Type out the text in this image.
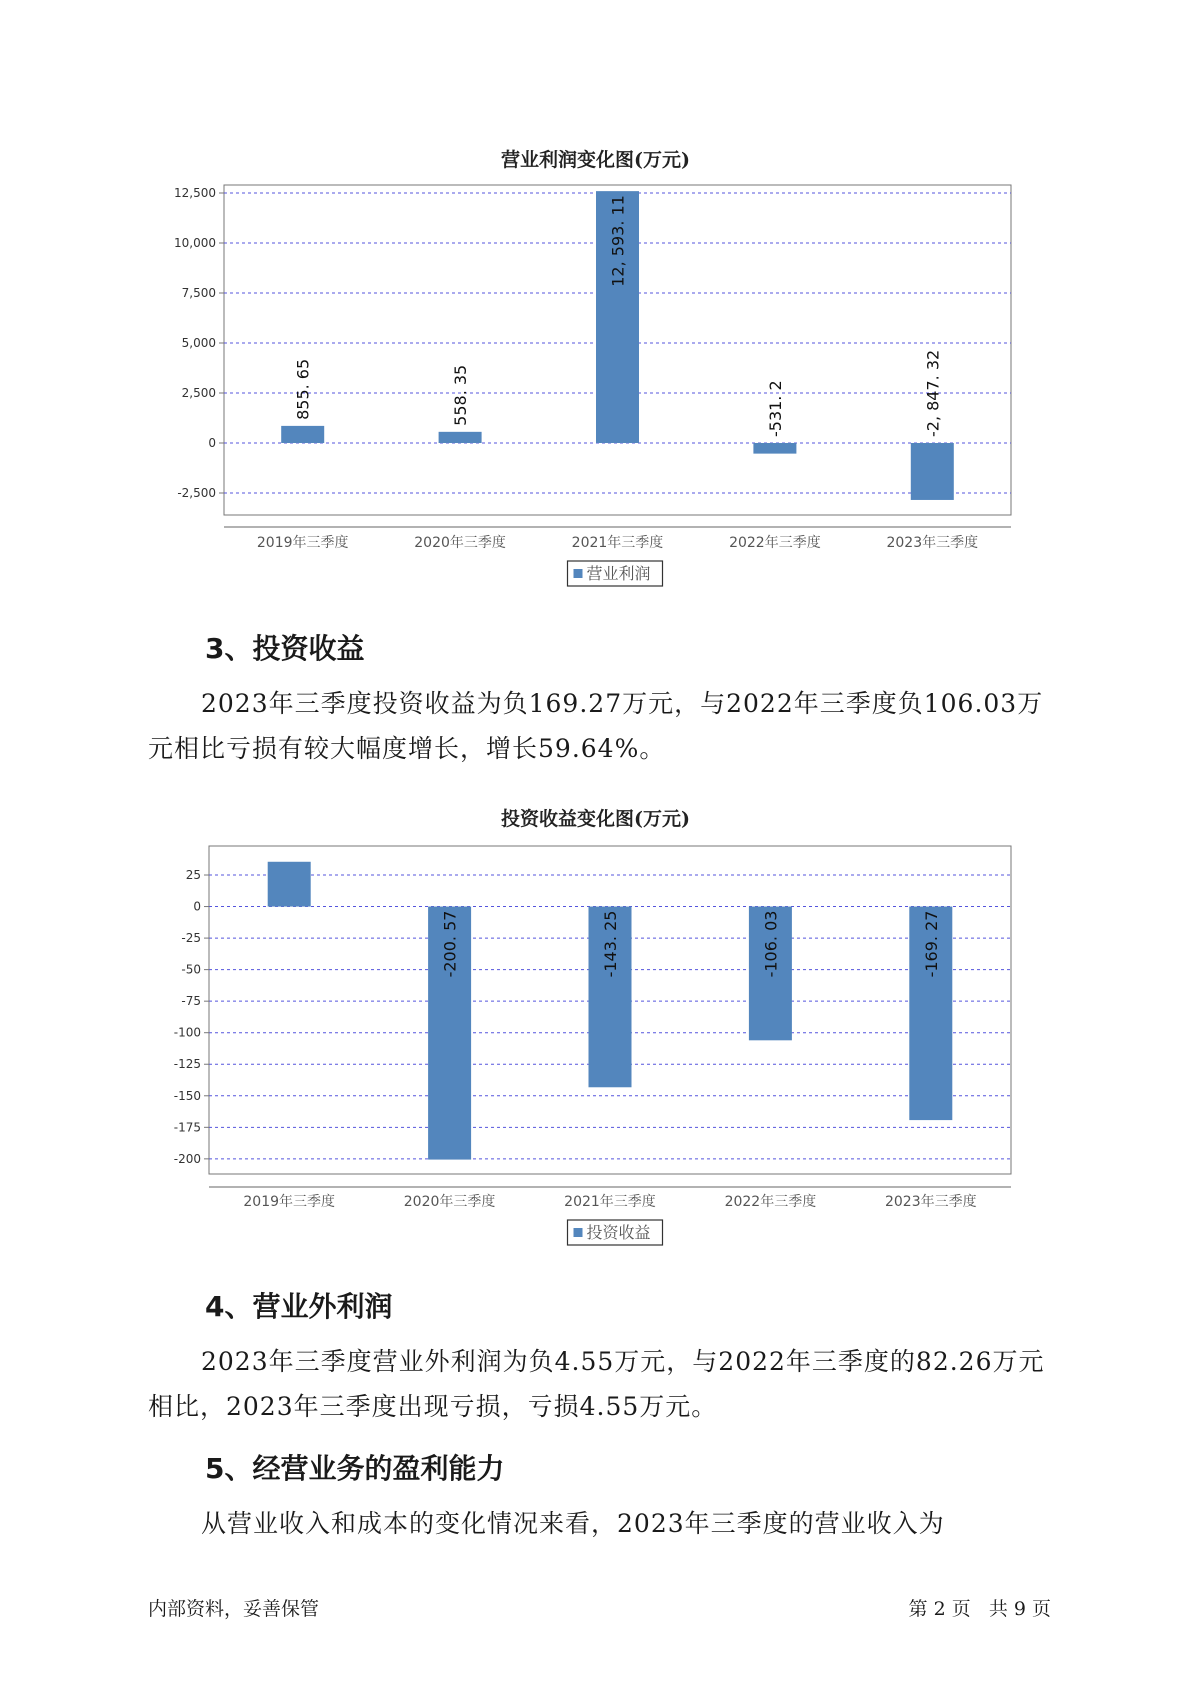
营业利润变化图(万元)
12,500
10,000
7,500
5,000
2,500
0
-2,500
2019年三季度
855. 65
2020年三季度
558. 35
2021年三季度
12, 593. 11
2022年三季度
-531. 2
2023年三季度
-2, 847. 32
营业利润
3、投资收益
2023年三季度投资收益为负169.27万元，与2022年三季度负106.03万元相比亏损有较大幅度增长，增长59.64%。
投资收益变化图(万元)
25
0
-25
-50
-75
-100
-125
-150
-175
-200
2019年三季度	2020年三季度
-200. 57
2021年三季度
-143. 25
2022年三季度
-106. 03
2023年三季度
-169. 27
投资收益
4、营业外利润
2023年三季度营业外利润为负4.55万元，与2022年三季度的82.26万元相比，2023年三季度出现亏损，亏损4.55万元。
5、经营业务的盈利能力
从营业收入和成本的变化情况来看，2023年三季度的营业收入为
内部资料，妥善保管	第 2 页   共 9 页
